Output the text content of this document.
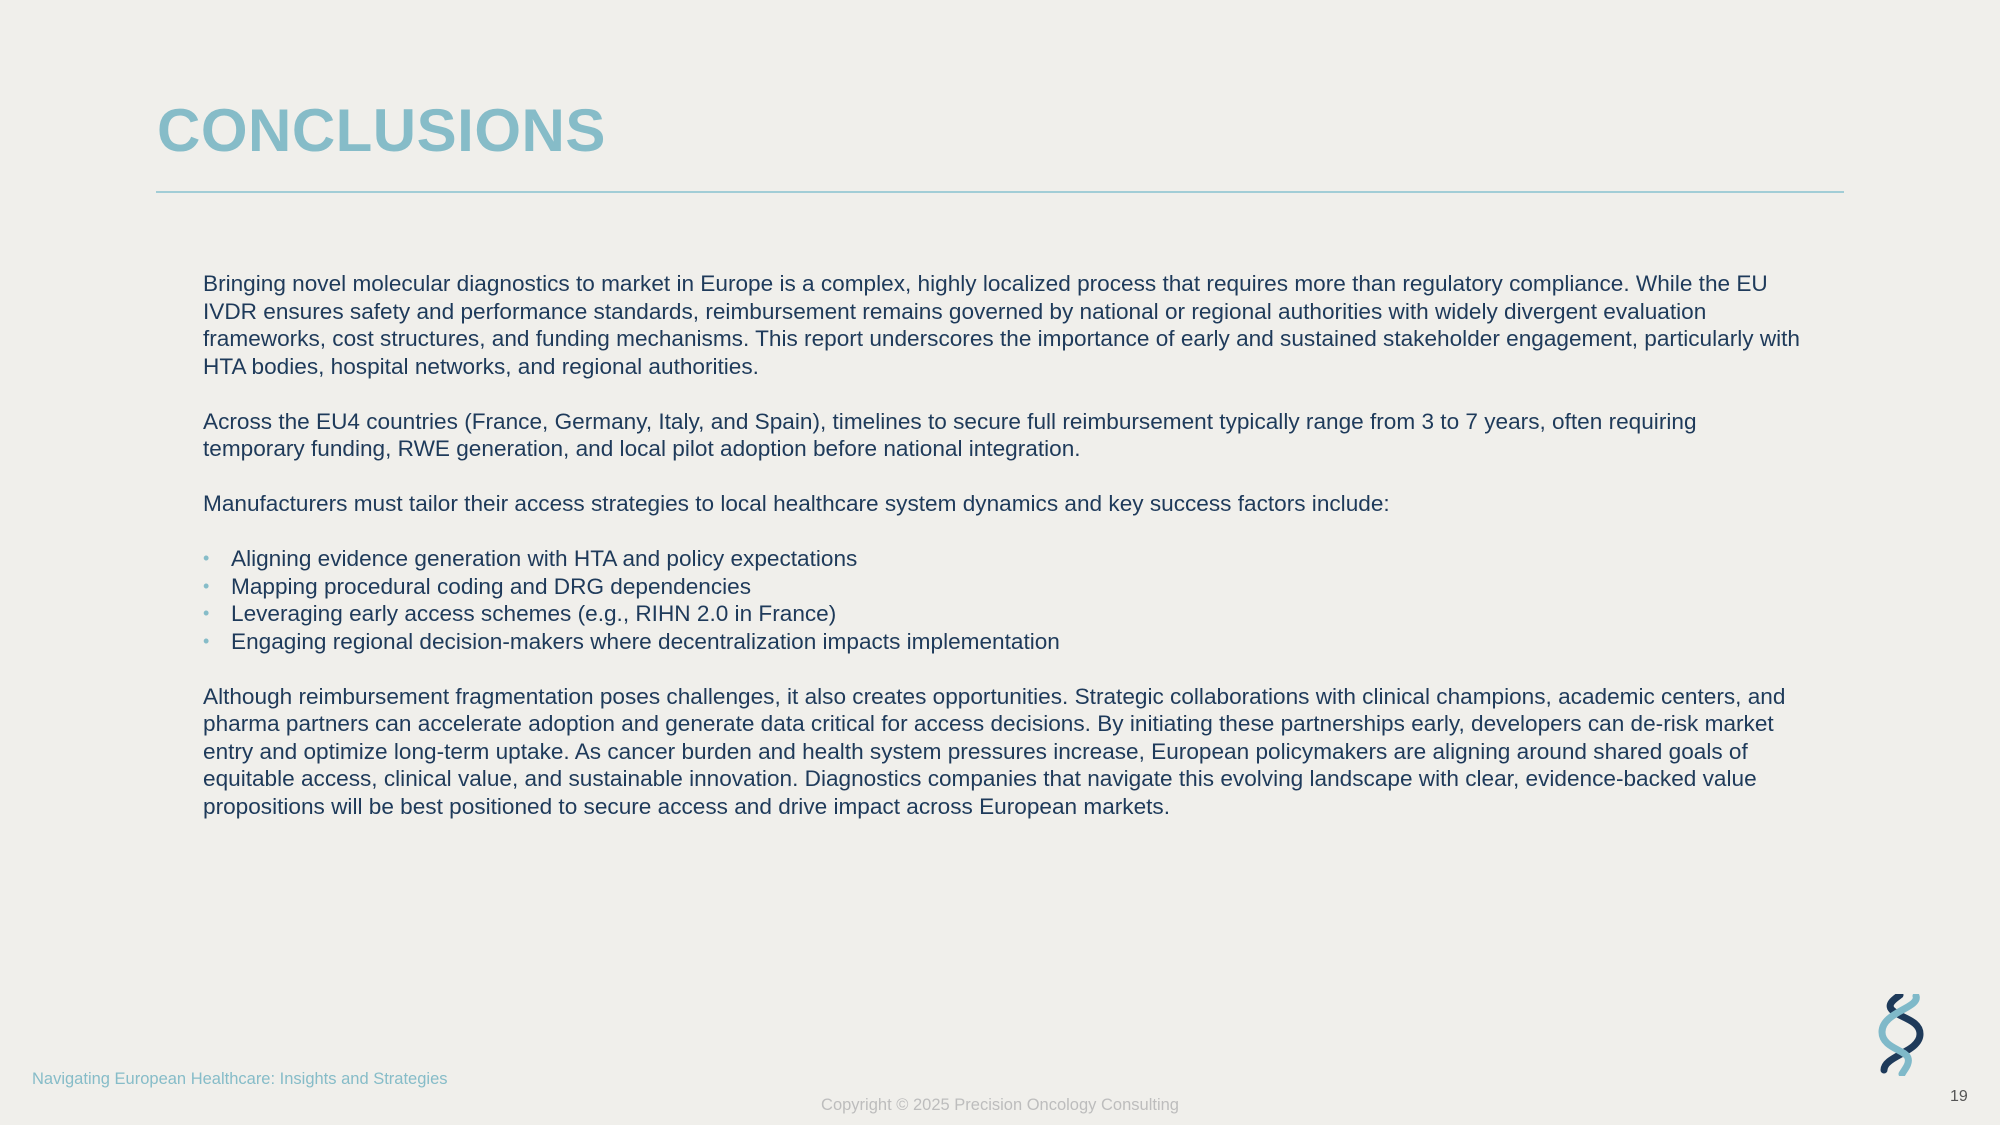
CONCLUSIONS

Bringing novel molecular diagnostics to market in Europe is a complex, highly localized process that requires more than regulatory compliance. While the EU IVDR ensures safety and performance standards, reimbursement remains governed by national or regional authorities with widely divergent evaluation frameworks, cost structures, and funding mechanisms. This report underscores the importance of early and sustained stakeholder engagement, particularly with HTA bodies, hospital networks, and regional authorities.

Across the EU4 countries (France, Germany, Italy, and Spain), timelines to secure full reimbursement typically range from 3 to 7 years, often requiring temporary funding, RWE generation, and local pilot adoption before national integration.

Manufacturers must tailor their access strategies to local healthcare system dynamics and key success factors include:

• Aligning evidence generation with HTA and policy expectations
• Mapping procedural coding and DRG dependencies
• Leveraging early access schemes (e.g., RIHN 2.0 in France)
• Engaging regional decision-makers where decentralization impacts implementation

Although reimbursement fragmentation poses challenges, it also creates opportunities. Strategic collaborations with clinical champions, academic centers, and pharma partners can accelerate adoption and generate data critical for access decisions. By initiating these partnerships early, developers can de-risk market entry and optimize long-term uptake. As cancer burden and health system pressures increase, European policymakers are aligning around shared goals of equitable access, clinical value, and sustainable innovation. Diagnostics companies that navigate this evolving landscape with clear, evidence-backed value propositions will be best positioned to secure access and drive impact across European markets.

Navigating European Healthcare: Insights and Strategies
Copyright © 2025 Precision Oncology Consulting	19
